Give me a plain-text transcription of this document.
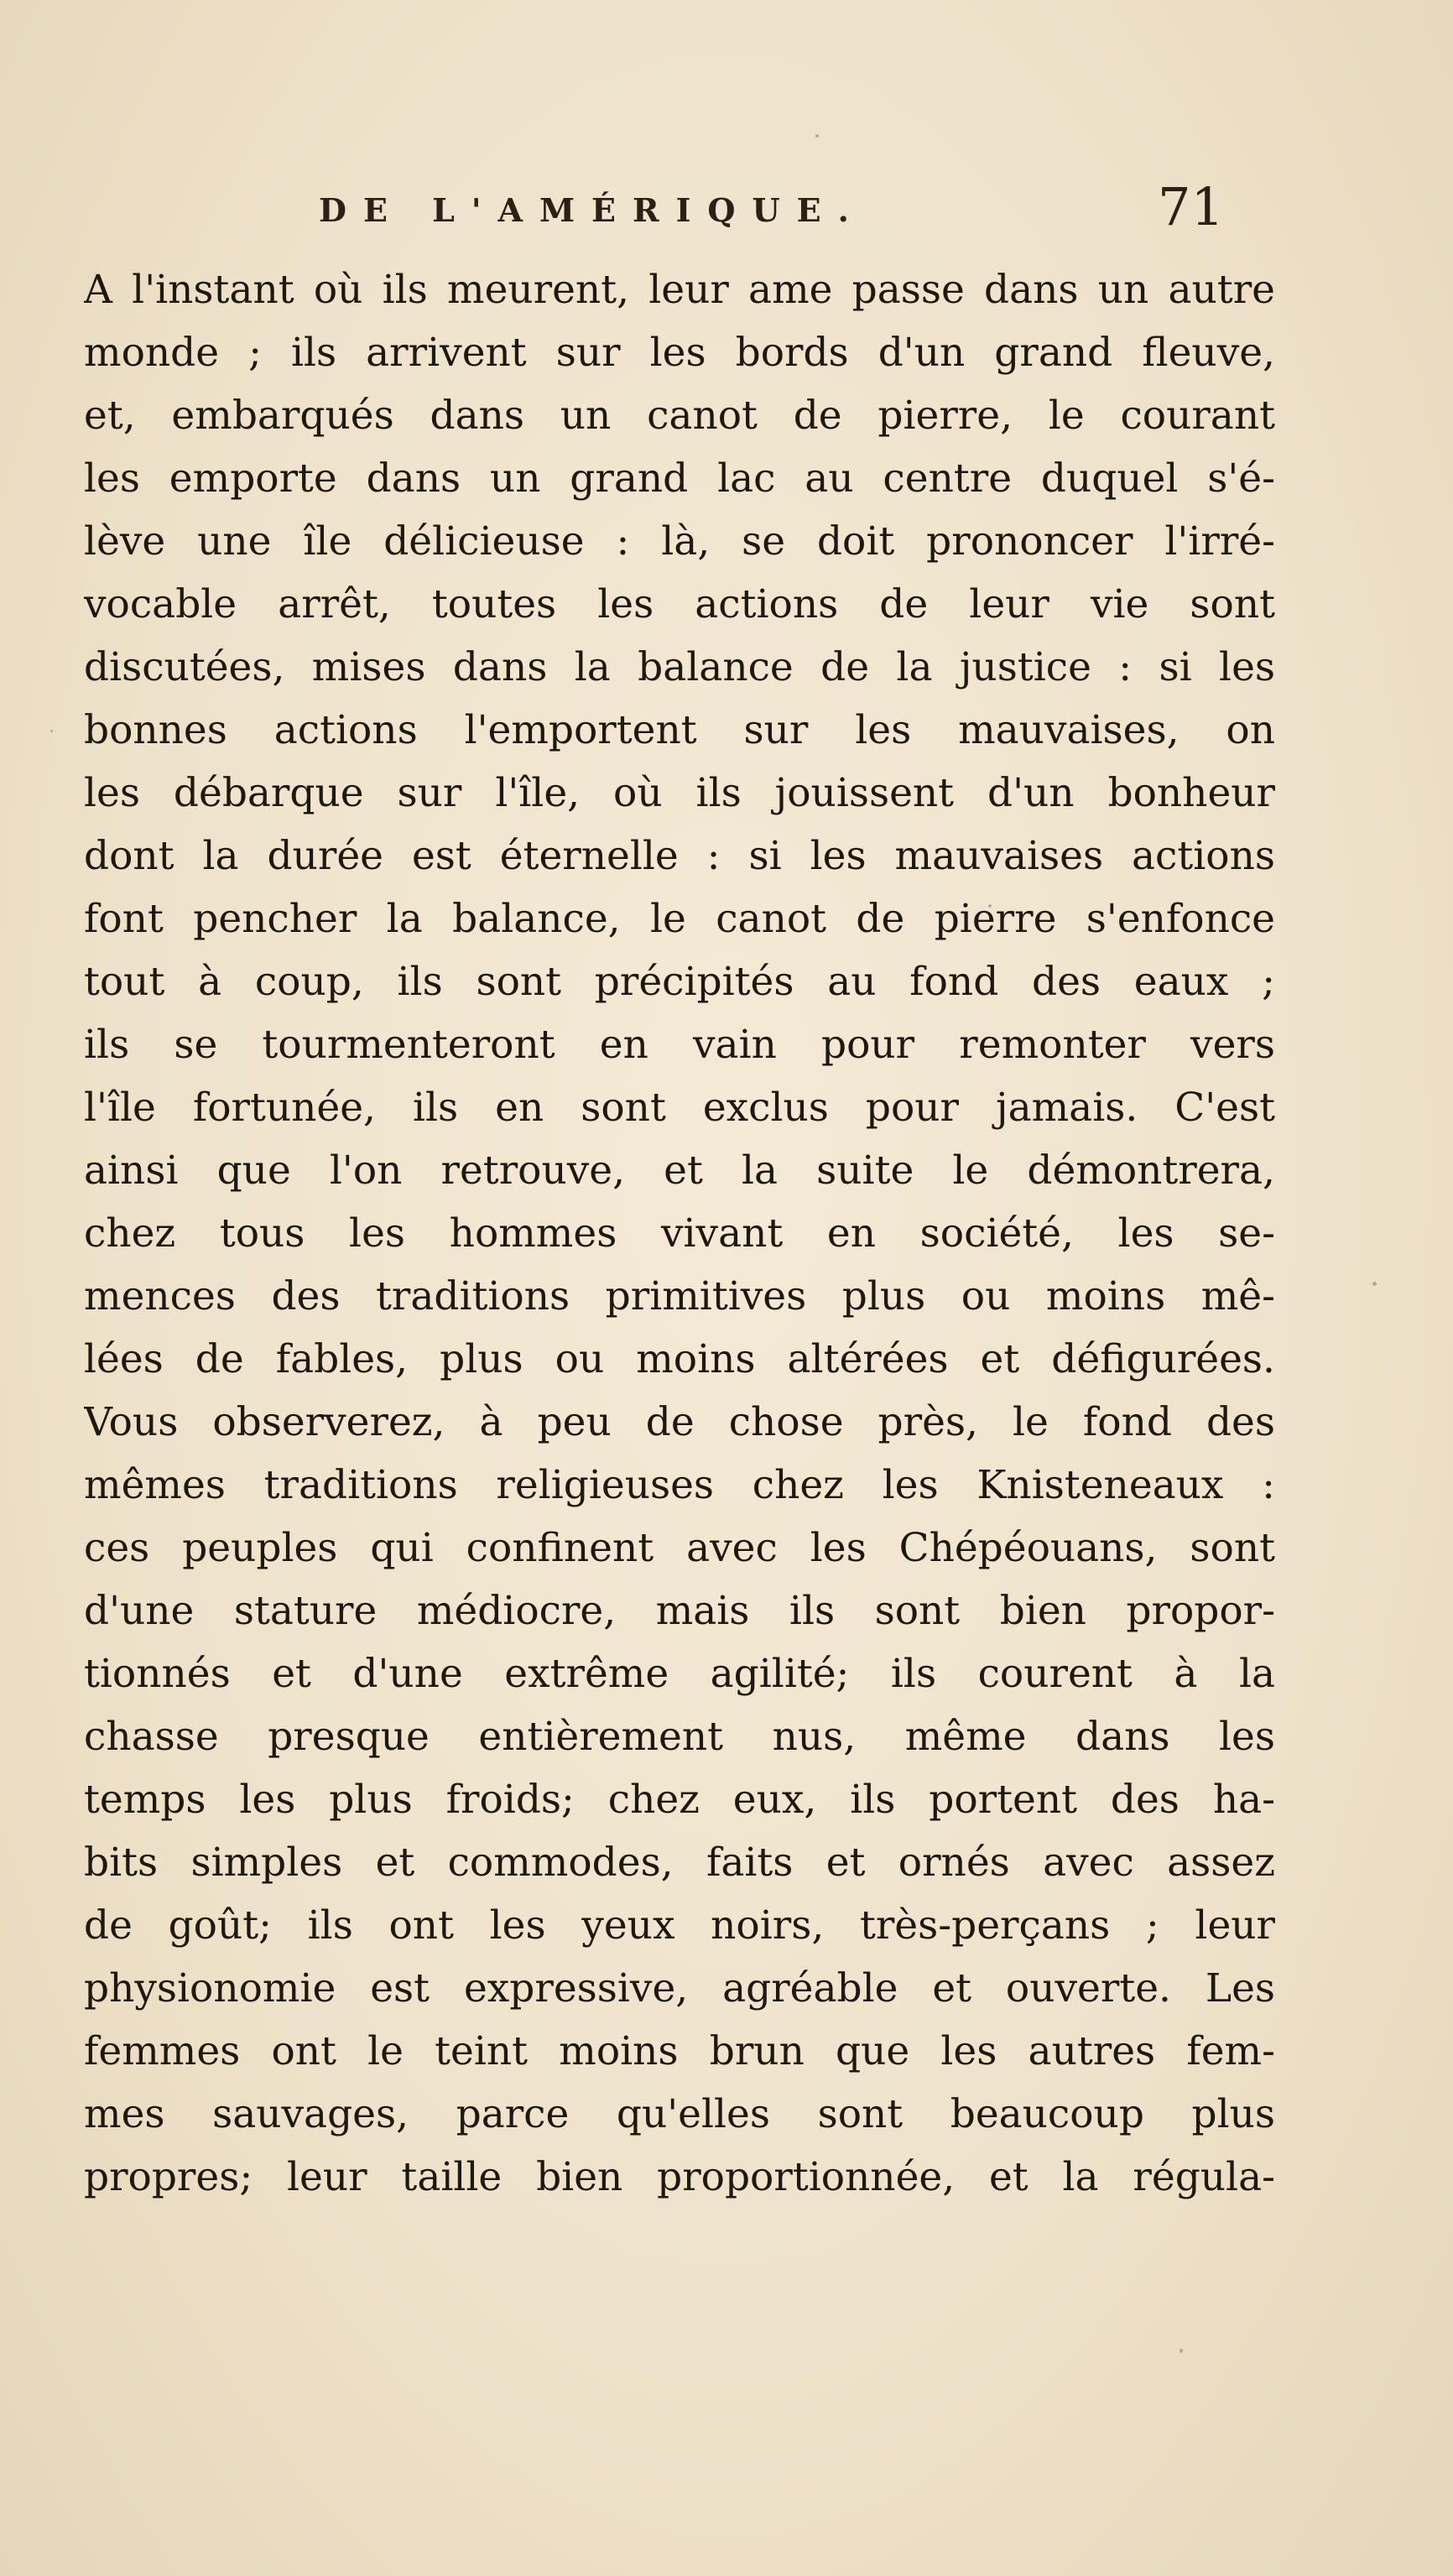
DE L'AMÉRIQUE.	71
A l'instant où ils meurent, leur ame passe dans un autre
monde ; ils arrivent sur les bords d'un grand fleuve,
et, embarqués dans un canot de pierre, le courant
les emporte dans un grand lac au centre duquel s'é-
lève une île délicieuse : là, se doit prononcer l'irré-
vocable arrêt, toutes les actions de leur vie sont
discutées, mises dans la balance de la justice : si les
bonnes actions l'emportent sur les mauvaises, on
les débarque sur l'île, où ils jouissent d'un bonheur
dont la durée est éternelle : si les mauvaises actions
font pencher la balance, le canot de pierre s'enfonce
tout à coup, ils sont précipités au fond des eaux ;
ils se tourmenteront en vain pour remonter vers
l'île fortunée, ils en sont exclus pour jamais. C'est
ainsi que l'on retrouve, et la suite le démontrera,
chez tous les hommes vivant en société, les se-
mences des traditions primitives plus ou moins mê-
lées de fables, plus ou moins altérées et défigurées.
Vous observerez, à peu de chose près, le fond des
mêmes traditions religieuses chez les Knisteneaux :
ces peuples qui confinent avec les Chépéouans, sont
d'une stature médiocre, mais ils sont bien propor-
tionnés et d'une extrême agilité; ils courent à la
chasse presque entièrement nus, même dans les
temps les plus froids; chez eux, ils portent des ha-
bits simples et commodes, faits et ornés avec assez
de goût; ils ont les yeux noirs, très-perçans ; leur
physionomie est expressive, agréable et ouverte. Les
femmes ont le teint moins brun que les autres fem-
mes sauvages, parce qu'elles sont beaucoup plus
propres; leur taille bien proportionnée, et la régula-
